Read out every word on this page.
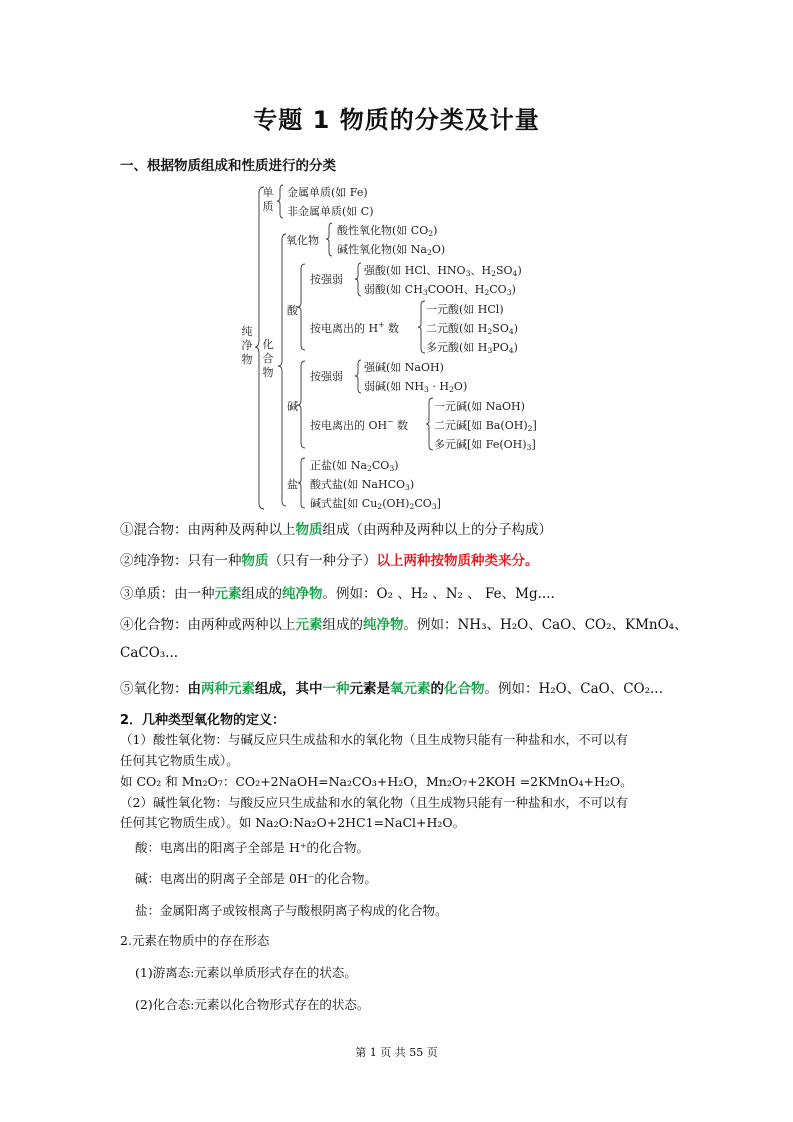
专题 1 物质的分类及计量
一、根据物质组成和性质进行的分类
纯
净
物
单
质
金属单质(如 Fe)
非金属单质(如 C)
化
合
物
氧化物
酸性氧化物(如 $CO_2$)
碱性氧化物(如 $Na_2O$)
酸
按强弱
强酸(如 HCl、$HNO_3$、$H_2SO_4$)
弱酸(如 $CH_3COOH$、$H_2CO_3$)
按电离出的 H+ 数
一元酸(如 HCl)
二元酸(如 $H_2SO_4$)
多元酸(如 $H_3PO_4$)
碱
按强弱
强碱(如 NaOH)
弱碱(如 $NH_3 \cdot H_2O$)
按电离出的 OH− 数
一元碱(如 NaOH)
二元碱[如 $Ba(OH)_2$]
多元碱[如 $Fe(OH)_3$]
盐
正盐(如 $Na_2CO_3$)
酸式盐(如 NaHCO$_3$)
碱式盐[如 $Cu_2(OH)_2CO_3$]
①混合物：由两种及两种以上物质组成（由两种及两种以上的分子构成）
②纯净物：只有一种物质（只有一种分子）以上两种按物质种类来分。
③单质：由一种元素组成的纯净物。例如：O₂ 、H₂ 、N₂ 、 Fe、Mg....
④化合物：由两种或两种以上元素组成的纯净物。例如：NH₃、H₂O、CaO、CO₂、KMnO₄、
CaCO₃...
⑤氧化物：由两种元素组成，其中一种元素是氧元素的化合物。例如：H₂O、CaO、CO₂...
2．几种类型氧化物的定义：
（1）酸性氧化物：与碱反应只生成盐和水的氧化物（且生成物只能有一种盐和水，不可以有
任何其它物质生成）。
如 CO₂ 和 Mn₂O₇：CO₂+2NaOH=Na₂CO₃+H₂O，Mn₂O₇+2KOH =2KMnO₄+H₂O。
（2）碱性氧化物：与酸反应只生成盐和水的氧化物（且生成物只能有一种盐和水，不可以有
任何其它物质生成）。如 Na₂O:Na₂O+2HC1=NaCl+H₂O。
酸：电离出的阳离子全部是 H⁺的化合物。
碱：电离出的阴离子全部是 0H⁻的化合物。
盐：金属阳离子或铵根离子与酸根阴离子构成的化合物。
2.元素在物质中的存在形态
(1)游离态:元素以单质形式存在的状态。
(2)化合态:元素以化合物形式存在的状态。
第 1 页 共 55 页
